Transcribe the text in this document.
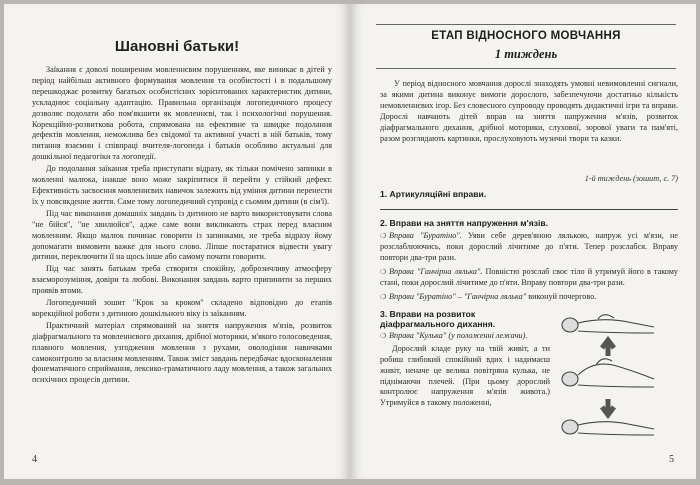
Шановні батьки!

Заїкання є доволі поширеним мовленнєвим порушенням, яке виникає в дітей у період найбільш активного формування мовлення та особистості і в подальшому перешкоджає розвитку багатьох особистісних зорієнтованих характеристик дитини, ускладнює соціальну адаптацію. Правильна організація логопедичного процесу дозволяє подолати або пом'якшити як мовленнєві, так і психологічні порушення. Корекційно-розвиткова робота, спрямована на ефективне та швидке подолання дефектів мовлення, неможлива без свідомої та активної участі в ній батьків, тому питання взаємин і співпраці вчителя-логопеда і батьків особливо актуальні для дошкільної педагогіки та логопедії.

До подолання заїкання треба приступати відразу, як тільки помічено запинки в мовленні малюка, інакше воно може закріпитися й перейти у стійкий дефект. Ефективність засвоєння мовленнєвих навичок залежить від уміння дитини перенести їх у повсякденне життя. Саме тому логопедичний супровід є сьомим дитини (в сім'ї).

Під час виконання домашніх завдань із дитиною не варто використовувати слова "не бійся", "не хвилюйся", адже саме вони викликають страх перед власним мовленням. Якщо малюк починає говорити із запинками, не треба відразу йому допомагати вимовити важке для нього слово. Ліпше постаратися відвести увагу дитини, переключити її на щось інше або самому почати говорити.

Під час занять батькам треба створити спокійну, доброзичливу атмосферу взаєморозуміння, довіри та любові. Виконання завдань варто припинити за перших проявів втоми.

Логопедичний зошит "Крок за кроком" складено відповідно до етапів корекційної роботи з дитиною дошкільного віку із заїканням.

Практичний матеріал спрямований на зняття напруження м'язів, розвиток діафрагмального та мовленнєвого дихання, дрібної моторики, м'якого голосоведення, плавного мовлення, узгодження мовлення з рухами, оволодіння навичками самоконтролю за власним мовленням. Також зміст завдань передбачає вдосконалення фонематичного сприймання, лексико-граматичного ладу мовлення, а також загальних психічних процесів дитини.

4
ЕТАП ВІДНОСНОГО МОВЧАННЯ
1 тиждень

У період відносного мовчання дорослі знаходять умовні невимовленні сигнали, за якими дитина виконує вимоги дорослого, забезпечуючи достатньо кількість немовленнєвих ігор. Без словесного супроводу проводять дидактичні ігри та вправи. Дорослі навчають дітей вправ на зняття напруження м'язів, розвиток діафрагмального дихання, дрібної моторики, слухової, зорової уваги та пам'яті, разом розглядають картинки, прослуховують музичні твори та казки.

1-й тиждень (зошит, с. 7)
1. Артикуляційні вправи.
2. Вправи на зняття напруження м'язів.
❍ Вправа "Буратіно". Уяви себе дерев'яною лялькою, напруж усі м'язи, не розслаблюючись, поки дорослий лічитиме до п'яти. Тепер розслабся. Вправу повтори два-три рази.
❍ Вправа "Ганчірна лялька". Повністю розслаб своє тіло й утримуй його в такому стані, поки дорослий лічитиме до п'яти. Вправу повтори два-три рази.
❍ Вправи "Буратіно" – "Ганчірна лялька" виконуй почергово.
3. Вправи на розвиток діафрагмального дихання.
❍ Вправа "Кулька" (у положенні лежачи).
Дорослий кладе руку на твій живіт, а ти робиш глибокий спокійний вдих і надимаєш живіт, неначе це велика повітряна кулька, не піднімаючи плечей. (При цьому дорослий контролює напруження м'язів живота.) Утримуйся в такому положенні,
5
